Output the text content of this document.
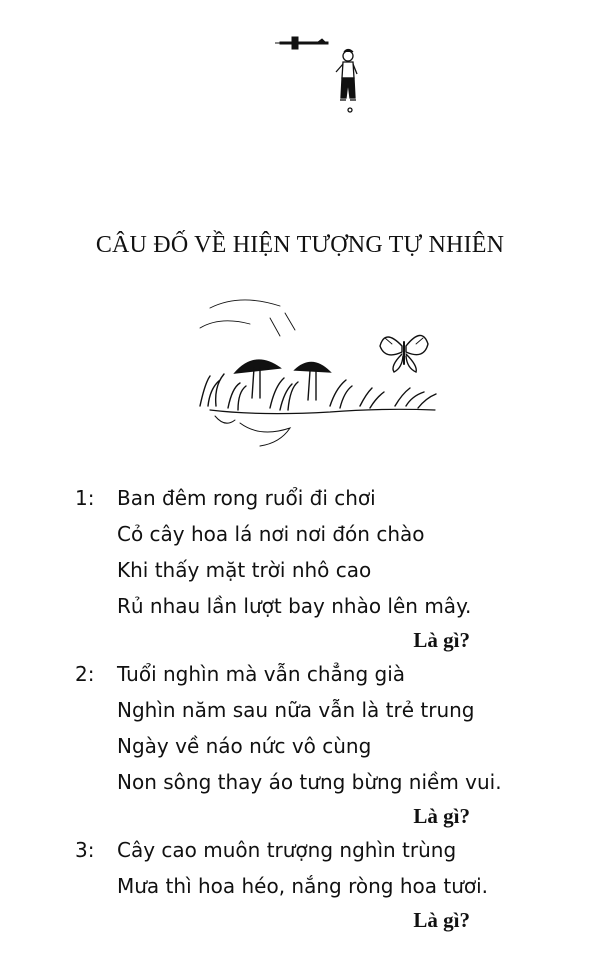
CÂU ĐỐ VỀ HIỆN TƯỢNG TỰ NHIÊN
1: Ban đêm rong ruổi đi chơi
Cỏ cây hoa lá nơi nơi đón chào
Khi thấy mặt trời nhô cao
Rủ nhau lần lượt bay nhào lên mây.
Là gì?
2: Tuổi nghìn mà vẫn chẳng già
Nghìn năm sau nữa vẫn là trẻ trung
Ngày về náo nức vô cùng
Non sông thay áo tưng bừng niềm vui.
Là gì?
3: Cây cao muôn trượng nghìn trùng
Mưa thì hoa héo, nắng ròng hoa tươi.
Là gì?
